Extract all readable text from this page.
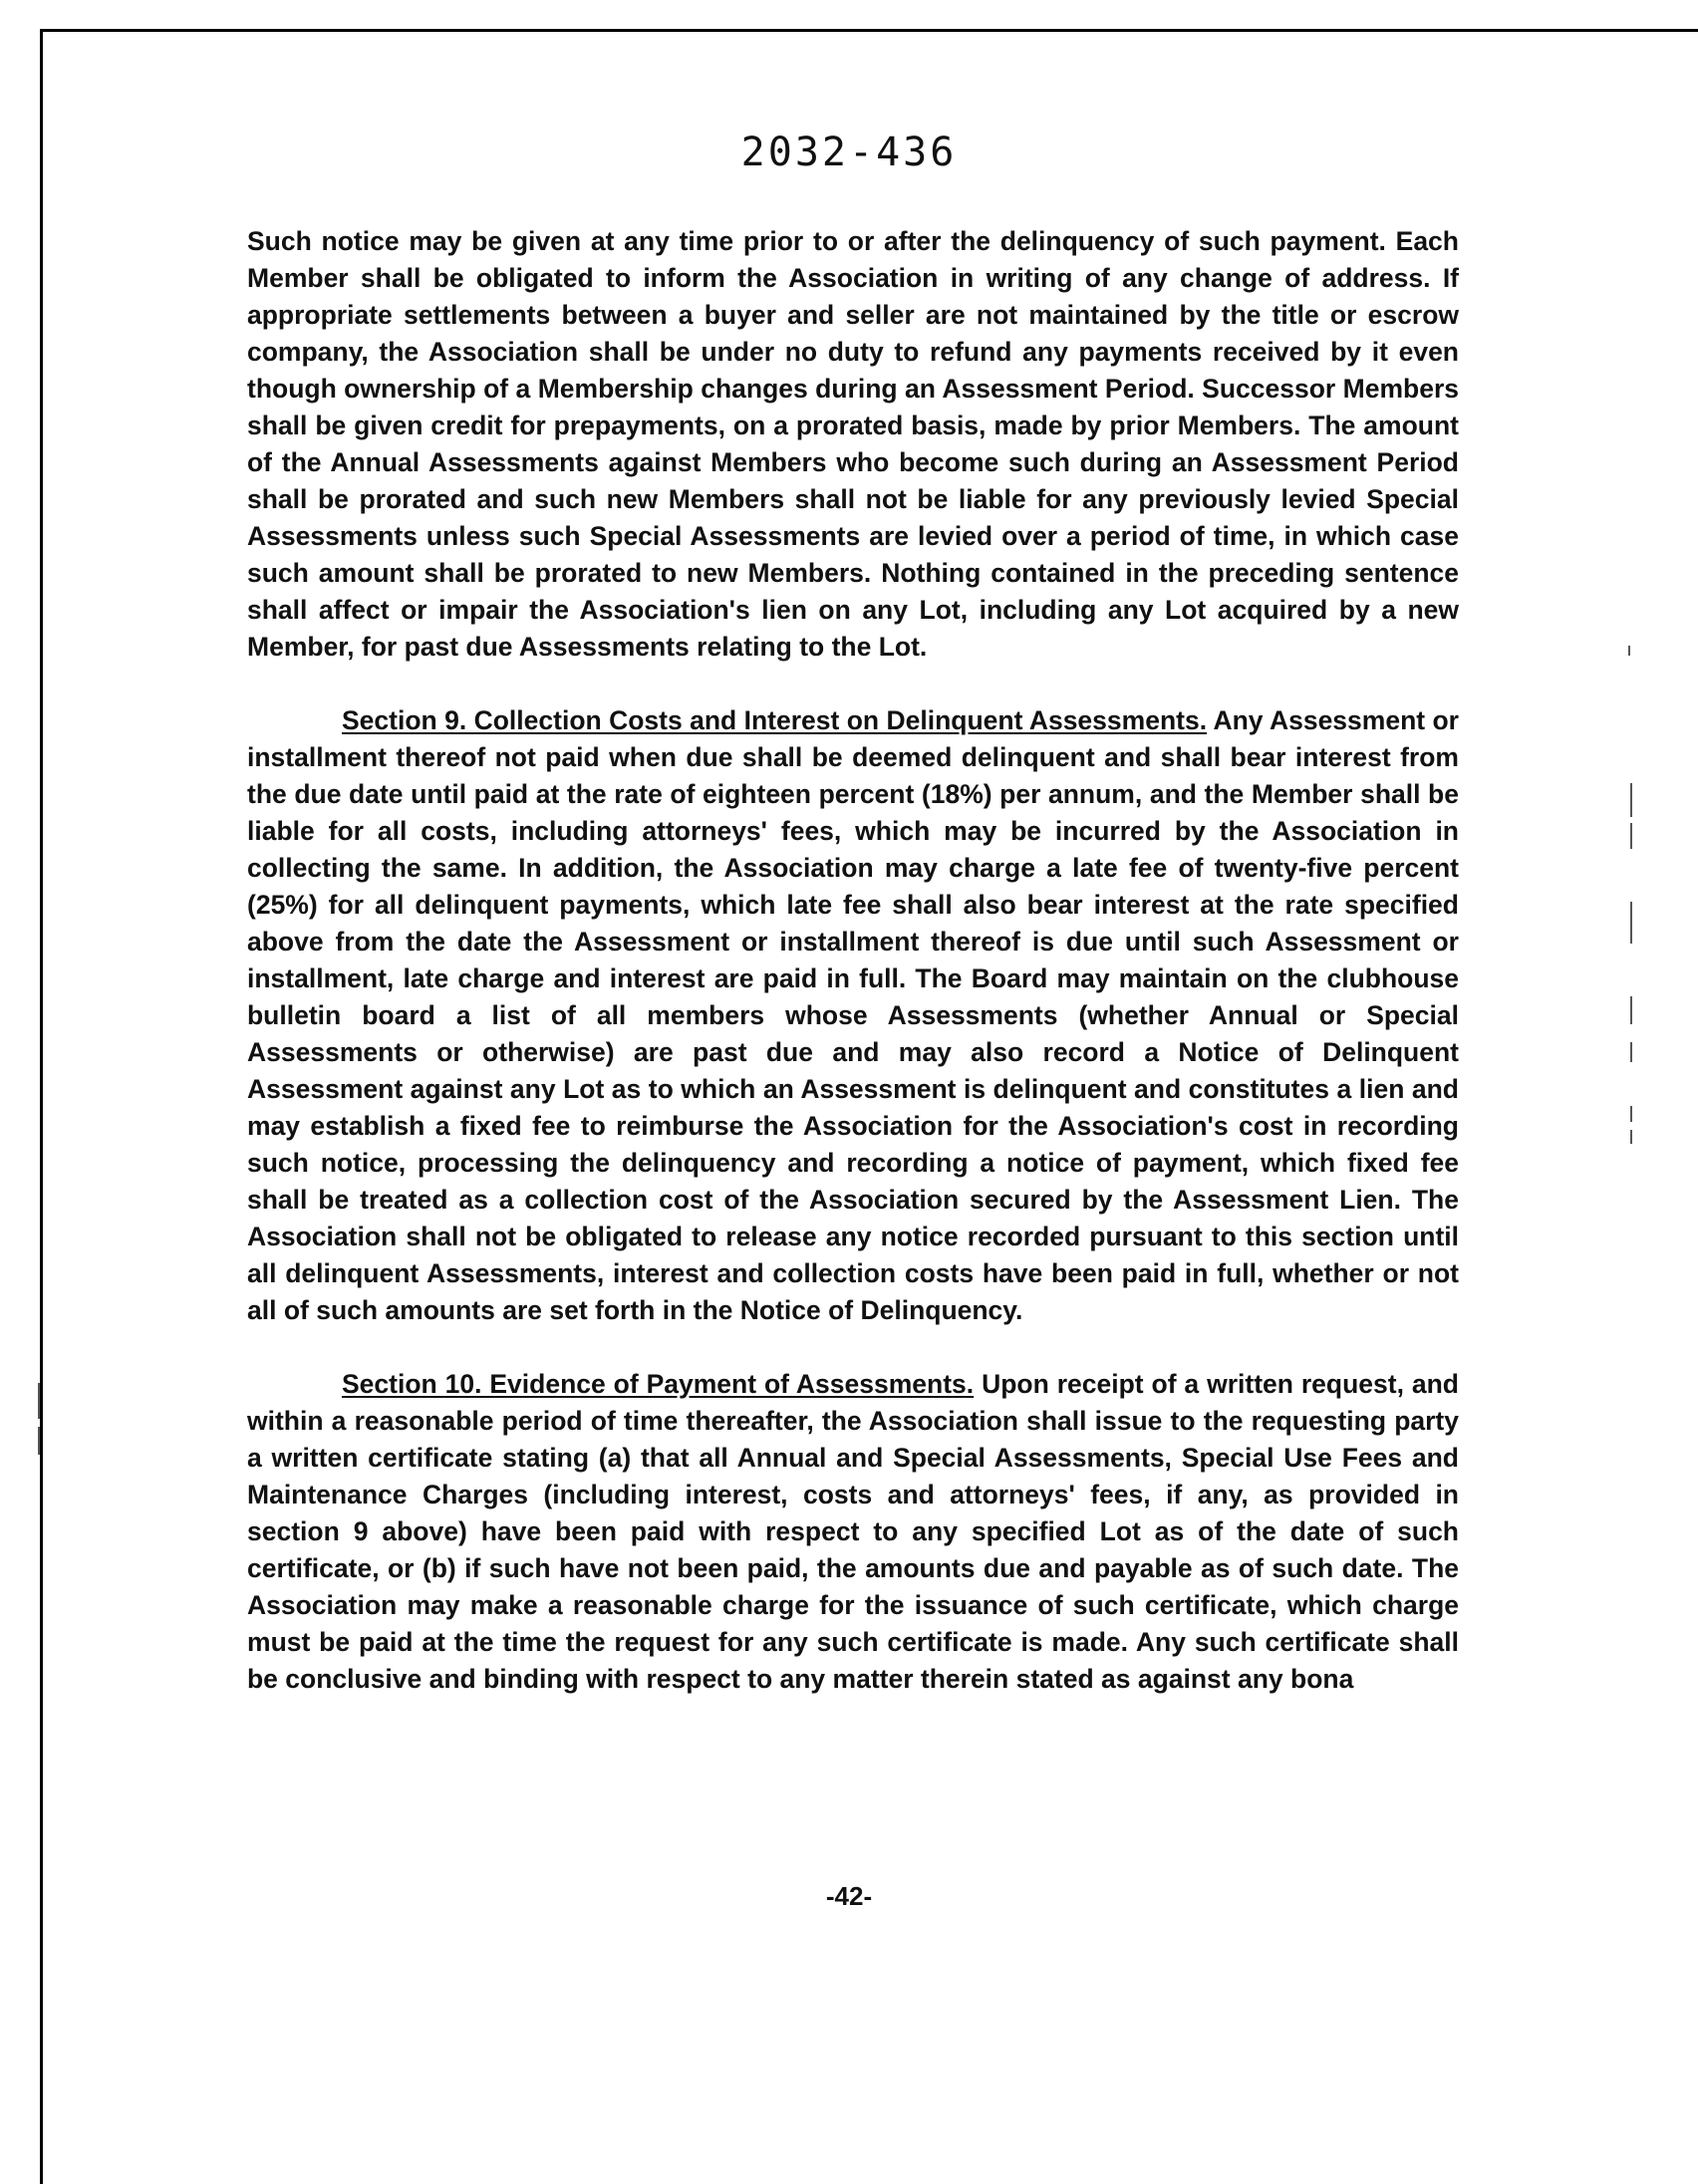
2032-436

Such notice may be given at any time prior to or after the delinquency of such payment. Each Member shall be obligated to inform the Association in writing of any change of address. If appropriate settlements between a buyer and seller are not maintained by the title or escrow company, the Association shall be under no duty to refund any payments received by it even though ownership of a Membership changes during an Assessment Period. Successor Members shall be given credit for prepayments, on a prorated basis, made by prior Members. The amount of the Annual Assessments against Members who become such during an Assessment Period shall be prorated and such new Members shall not be liable for any previously levied Special Assessments unless such Special Assessments are levied over a period of time, in which case such amount shall be prorated to new Members. Nothing contained in the preceding sentence shall affect or impair the Association's lien on any Lot, including any Lot acquired by a new Member, for past due Assessments relating to the Lot.

Section 9. Collection Costs and Interest on Delinquent Assessments. Any Assessment or installment thereof not paid when due shall be deemed delinquent and shall bear interest from the due date until paid at the rate of eighteen percent (18%) per annum, and the Member shall be liable for all costs, including attorneys' fees, which may be incurred by the Association in collecting the same. In addition, the Association may charge a late fee of twenty-five percent (25%) for all delinquent payments, which late fee shall also bear interest at the rate specified above from the date the Assessment or installment thereof is due until such Assessment or installment, late charge and interest are paid in full. The Board may maintain on the clubhouse bulletin board a list of all members whose Assessments (whether Annual or Special Assessments or otherwise) are past due and may also record a Notice of Delinquent Assessment against any Lot as to which an Assessment is delinquent and constitutes a lien and may establish a fixed fee to reimburse the Association for the Association's cost in recording such notice, processing the delinquency and recording a notice of payment, which fixed fee shall be treated as a collection cost of the Association secured by the Assessment Lien. The Association shall not be obligated to release any notice recorded pursuant to this section until all delinquent Assessments, interest and collection costs have been paid in full, whether or not all of such amounts are set forth in the Notice of Delinquency.

Section 10. Evidence of Payment of Assessments. Upon receipt of a written request, and within a reasonable period of time thereafter, the Association shall issue to the requesting party a written certificate stating (a) that all Annual and Special Assessments, Special Use Fees and Maintenance Charges (including interest, costs and attorneys' fees, if any, as provided in section 9 above) have been paid with respect to any specified Lot as of the date of such certificate, or (b) if such have not been paid, the amounts due and payable as of such date. The Association may make a reasonable charge for the issuance of such certificate, which charge must be paid at the time the request for any such certificate is made. Any such certificate shall be conclusive and binding with respect to any matter therein stated as against any bona

-42-
